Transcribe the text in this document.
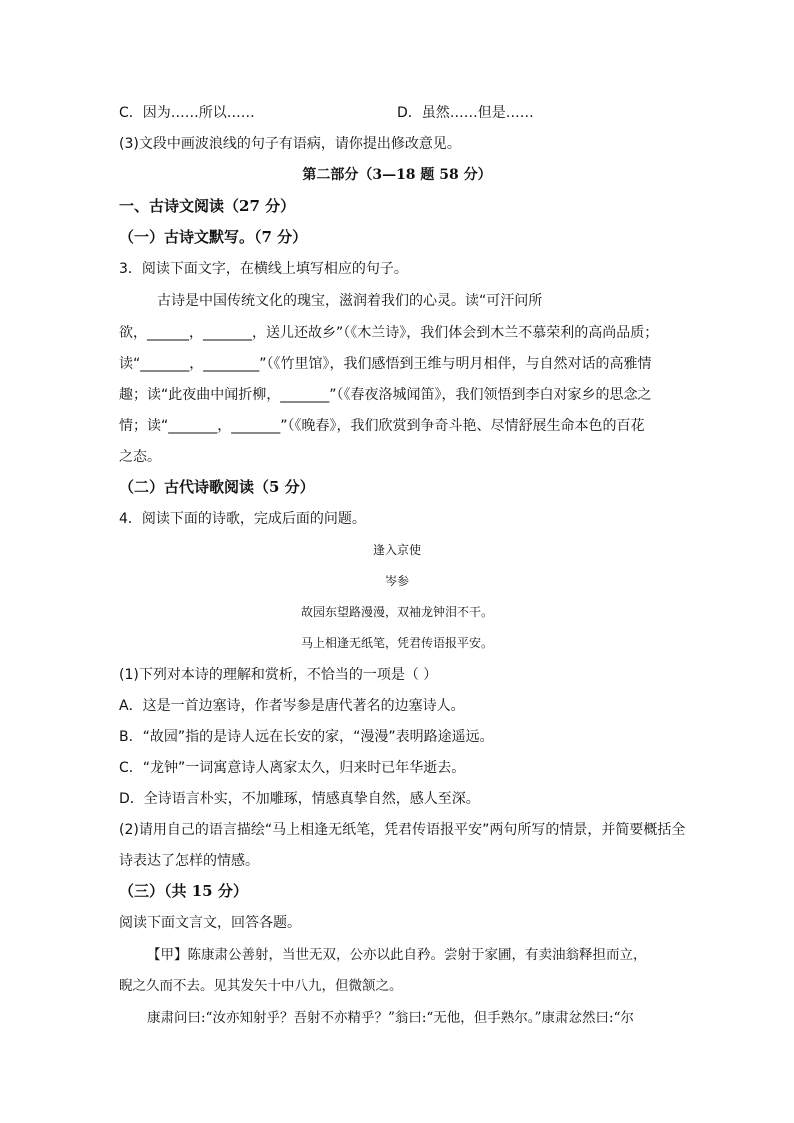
C．因为……所以……	D．虽然……但是……
(3)文段中画波浪线的句子有语病，请你提出修改意见。
第二部分（3—18 题 58 分）
一、古诗文阅读（27 分）
（一）古诗文默写。（7 分）
3．阅读下面文字，在横线上填写相应的句子。
古诗是中国传统文化的瑰宝，滋润着我们的心灵。读“可汗问所
欲，______，_______，送儿还故乡”（《木兰诗》，我们体会到木兰不慕荣利的高尚品质；
读“_______，________”（《竹里馆》，我们感悟到王维与明月相伴，与自然对话的高雅情
趣；读“此夜曲中闻折柳，_______”（《春夜洛城闻笛》，我们领悟到李白对家乡的思念之
情；读“_______，_______”（《晚春》，我们欣赏到争奇斗艳、尽情舒展生命本色的百花
之态。
（二）古代诗歌阅读（5 分）
4．阅读下面的诗歌，完成后面的问题。
逢入京使
岑参
故园东望路漫漫，双袖龙钟泪不干。
马上相逢无纸笔，凭君传语报平安。
(1)下列对本诗的理解和赏析，不恰当的一项是（ ）
A．这是一首边塞诗，作者岑参是唐代著名的边塞诗人。
B．“故园”指的是诗人远在长安的家，“漫漫”表明路途遥远。
C．“龙钟”一词寓意诗人离家太久，归来时已年华逝去。
D．全诗语言朴实，不加雕琢，情感真挚自然，感人至深。
(2)请用自己的语言描绘“马上相逢无纸笔，凭君传语报平安”两句所写的情景，并简要概括全
诗表达了怎样的情感。
（三）（共 15 分）
阅读下面文言文，回答各题。
【甲】陈康肃公善射，当世无双，公亦以此自矜。尝射于家圃，有卖油翁释担而立，
睨之久而不去。见其发矢十中八九，但微颔之。
康肃问曰:“汝亦知射乎？吾射不亦精乎？”翁曰:“无他，但手熟尔。”康肃忿然曰:“尔
